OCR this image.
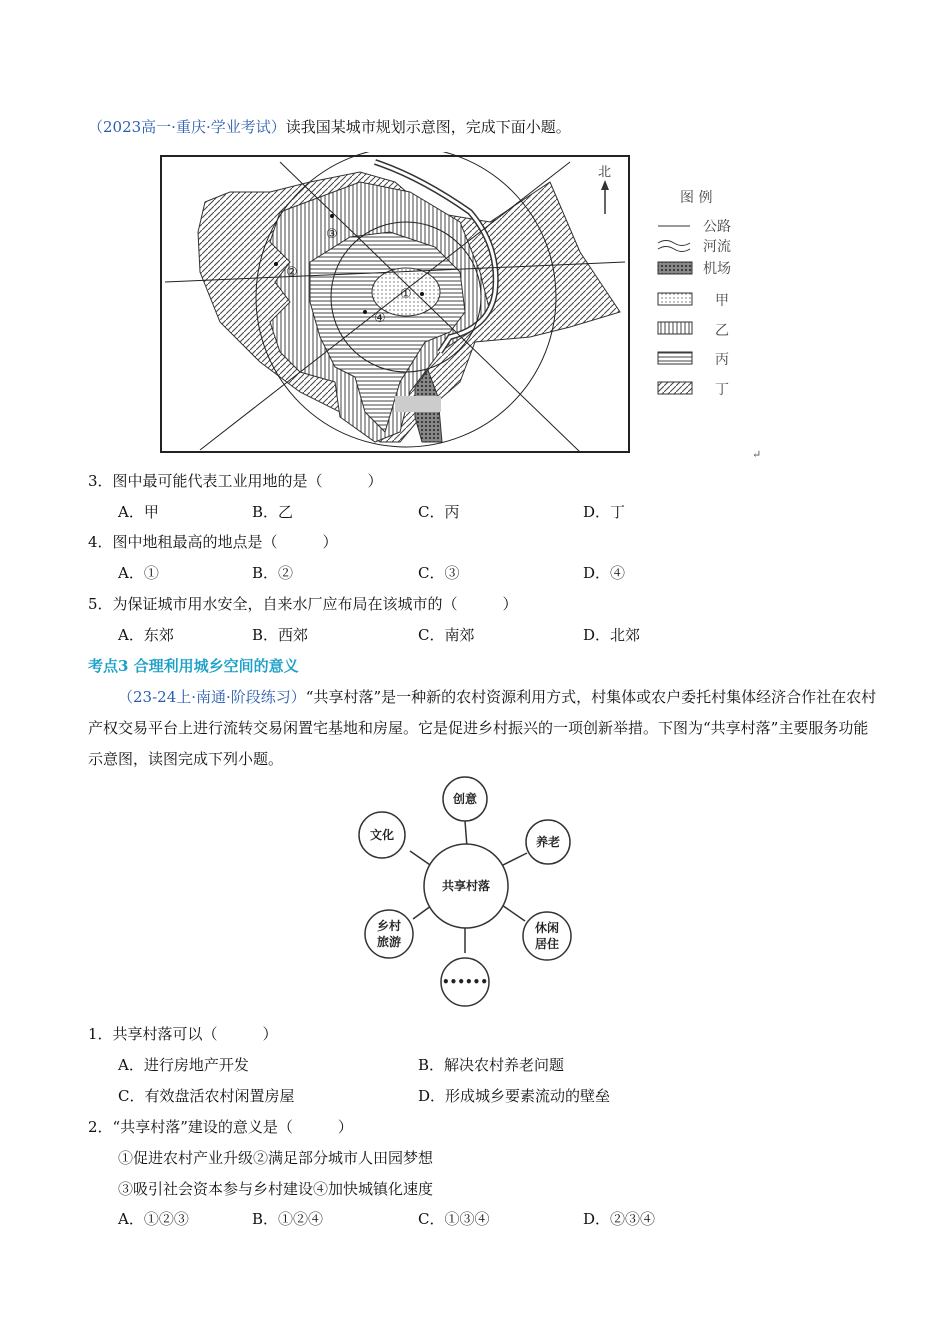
（2023高一·重庆·学业考试）读我国某城市规划示意图，完成下面小题。
①
②
③
④
北
图 例
公路
河流
机场
甲
乙
丙
丁
↵
3．图中最可能代表工业用地的是（　　　）
A．甲	B．乙	C．丙	D．丁
4．图中地租最高的地点是（　　　）
A．①	B．②	C．③	D．④
5．为保证城市用水安全，自来水厂应布局在该城市的（　　　）
A．东郊	B．西郊	C．南郊	D．北郊
考点3 合理利用城乡空间的意义
（23-24上·南通·阶段练习）“共享村落”是一种新的农村资源利用方式，村集体或农户委托村集体经济合作社在农村产权交易平台上进行流转交易闲置宅基地和房屋。它是促进乡村振兴的一项创新举措。下图为“共享村落”主要服务功能示意图，读图完成下列小题。
共享村落
创意
养老
休闲
居住
••••••
乡村
旅游
文化
1．共享村落可以（　　　）
A．进行房地产开发	B．解决农村养老问题
C．有效盘活农村闲置房屋	D．形成城乡要素流动的壁垒
2．“共享村落”建设的意义是（　　　）
①促进农村产业升级②满足部分城市人田园梦想
③吸引社会资本参与乡村建设④加快城镇化速度
A．①②③	B．①②④	C．①③④	D．②③④
